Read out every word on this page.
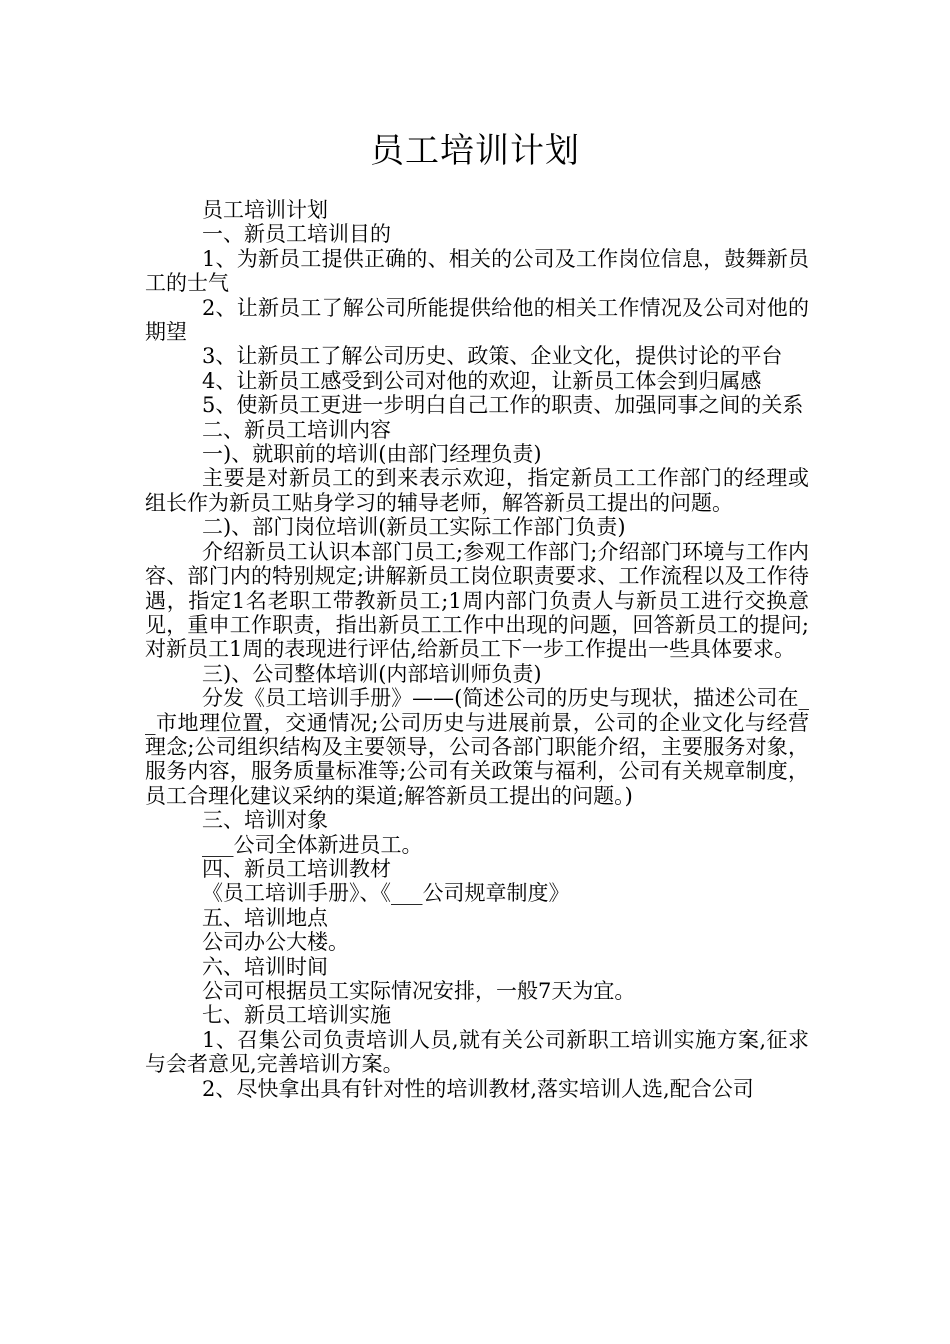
员工培训计划

员工培训计划

一、新员工培训目的

1、为新员工提供正确的、相关的公司及工作岗位信息，鼓舞新员工的士气

2、让新员工了解公司所能提供给他的相关工作情况及公司对他的期望

3、让新员工了解公司历史、政策、企业文化，提供讨论的平台

4、让新员工感受到公司对他的欢迎，让新员工体会到归属感

5、使新员工更进一步明白自己工作的职责、加强同事之间的关系

二、新员工培训内容

一)、就职前的培训(由部门经理负责)

主要是对新员工的到来表示欢迎，指定新员工工作部门的经理或组长作为新员工贴身学习的辅导老师，解答新员工提出的问题。

二)、部门岗位培训(新员工实际工作部门负责)

介绍新员工认识本部门员工;参观工作部门;介绍部门环境与工作内容、部门内的特别规定;讲解新员工岗位职责要求、工作流程以及工作待遇，指定1名老职工带教新员工;1周内部门负责人与新员工进行交换意见，重申工作职责，指出新员工工作中出现的问题，回答新员工的提问;对新员工1周的表现进行评估,给新员工下一步工作提出一些具体要求。

三)、公司整体培训(内部培训师负责)

分发《员工培训手册》——(简述公司的历史与现状，描述公司在__市地理位置，交通情况;公司历史与进展前景，公司的企业文化与经营理念;公司组织结构及主要领导，公司各部门职能介绍，主要服务对象，服务内容，服务质量标准等;公司有关政策与福利，公司有关规章制度，员工合理化建议采纳的渠道;解答新员工提出的问题。)

三、培训对象

___公司全体新进员工。

四、新员工培训教材

《员工培训手册》、《___公司规章制度》

五、培训地点

公司办公大楼。

六、培训时间

公司可根据员工实际情况安排，一般7天为宜。

七、新员工培训实施

1、召集公司负责培训人员,就有关公司新职工培训实施方案,征求与会者意见,完善培训方案。

2、尽快拿出具有针对性的培训教材,落实培训人选,配合公司
